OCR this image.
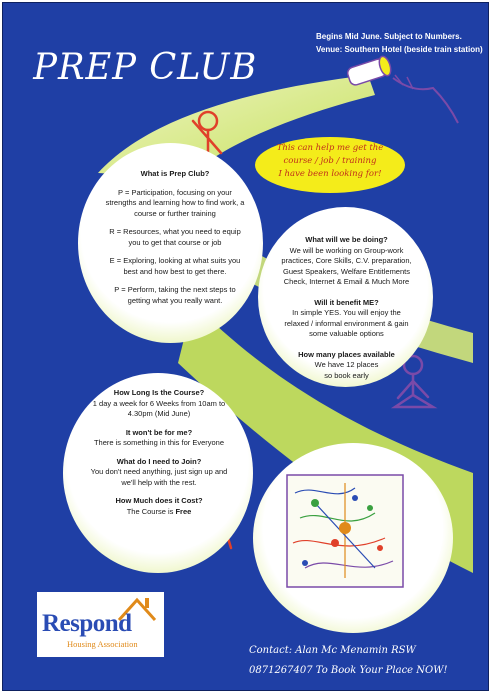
Begins Mid June. Subject to Numbers.
Venue: Southern Hotel (beside train station)
PREP CLUB
This can help me get the
course / job / training
I have been looking for!
What is Prep Club?

P = Participation, focusing on your strengths and learning how to find work, a course or further training

R = Resources, what you need to equip you to get that course or job

E = Exploring, looking at what suits you best and how best to get there.

P = Perform, taking the next steps to getting what you really want.

What will we be doing?

We will be working on Group-work practices, Core Skills, C.V. preparation, Guest Speakers, Welfare Entitlements Check, Internet & Email & Much More

Will it benefit ME?

In simple YES. You will enjoy the relaxed / informal environment & gain some valuable options

How many places available

We have 12 places

so book early

How Long Is the Course?

1 day a week for 6 Weeks from 10am to 4.30pm (Mid June)

It won't be for me?

There is something in this for Everyone

What do I need to Join?

You don't need anything, just sign up and we'll help with the rest.

How Much does it Cost?

The Course is Free

Respond
Housing Association
Contact: Alan Mc Menamin RSW
0871267407 To Book Your Place NOW!
